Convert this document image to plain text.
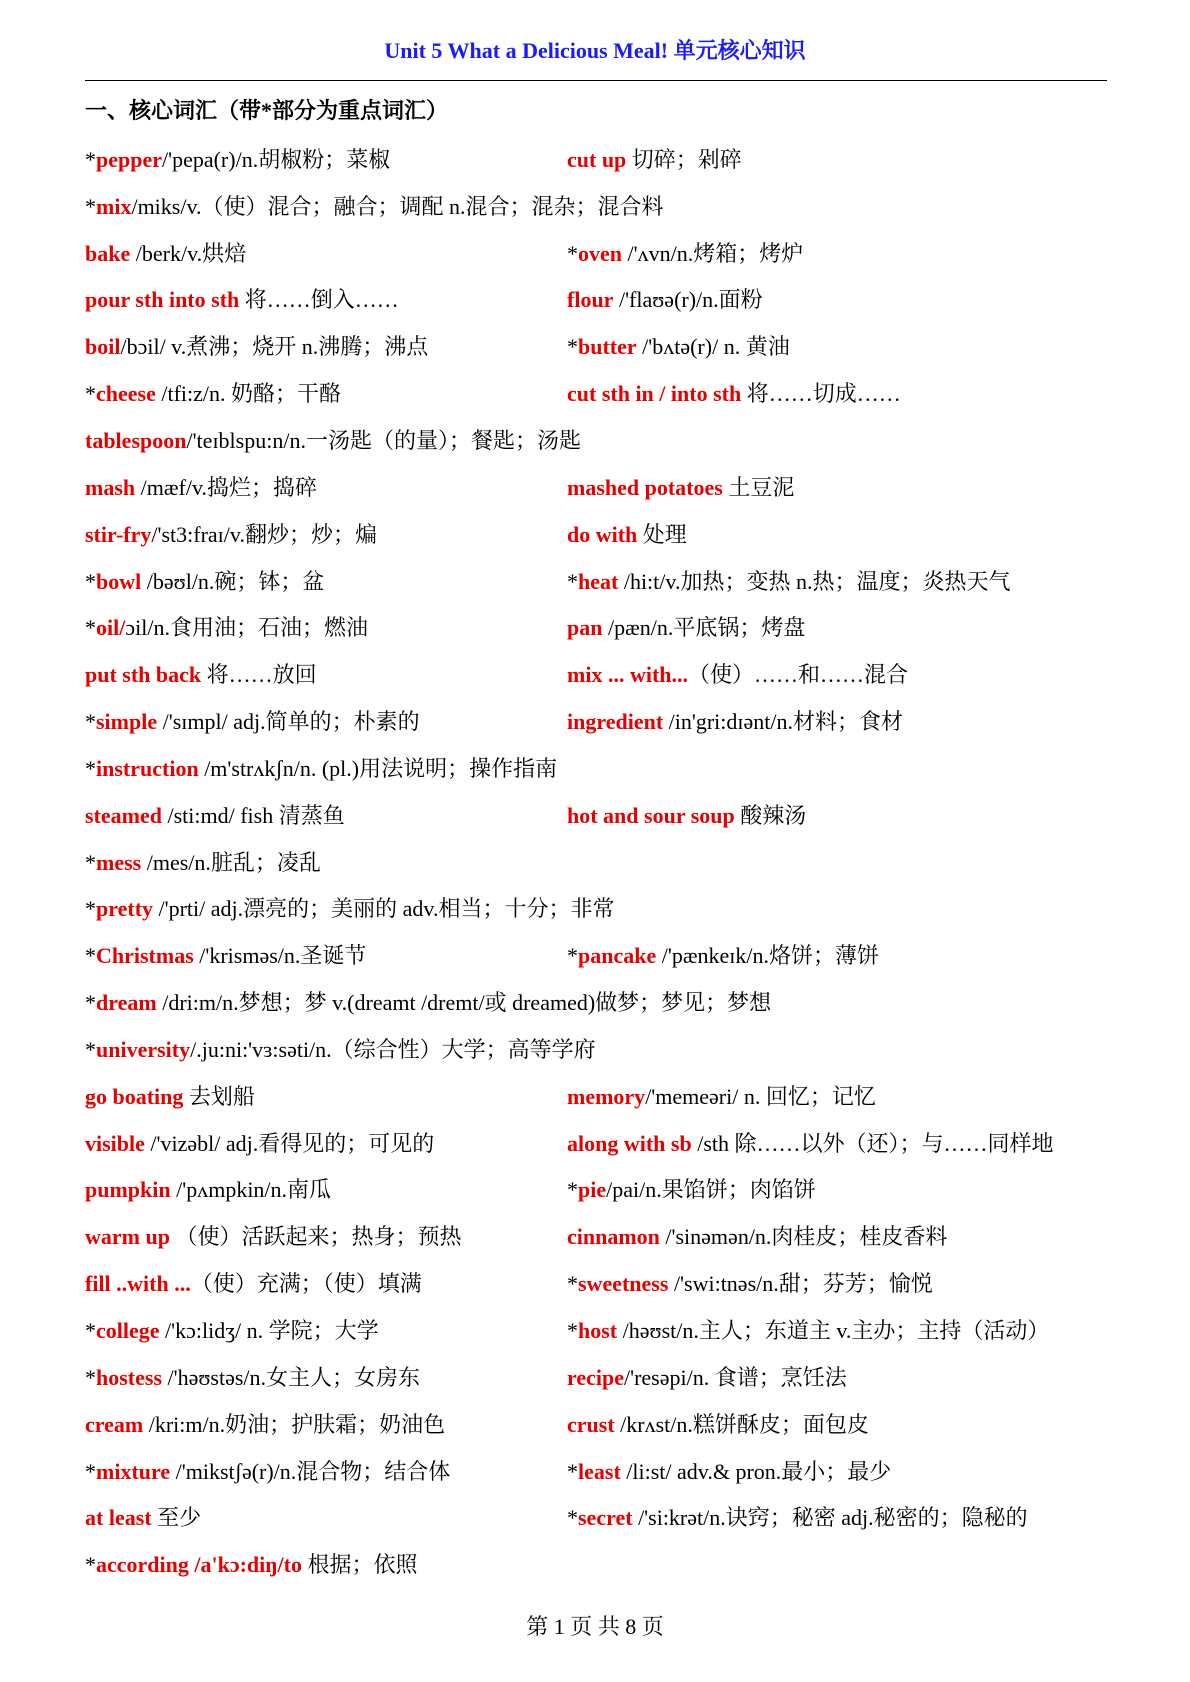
Unit 5 What a Delicious Meal! 单元核心知识
一、核心词汇（带*部分为重点词汇）
*pepper/'pepa(r)/n.胡椒粉；菜椒	cut up 切碎；剁碎
*mix/miks/v.（使）混合；融合；调配 n.混合；混杂；混合料
bake /berk/v.烘焙	*oven /'ʌvn/n.烤箱；烤炉
pour sth into sth 将……倒入……	flour /'flaʊə(r)/n.面粉
boil/bɔil/ v.煮沸；烧开 n.沸腾；沸点	*butter /'bʌtə(r)/ n. 黄油
*cheese /tfi:z/n. 奶酪；干酪	cut sth in / into sth 将……切成……
tablespoon/'teɪblspu:n/n.一汤匙（的量）；餐匙；汤匙
mash /mæf/v.捣烂；捣碎	mashed potatoes 土豆泥
stir-fry/'st3:fraɪ/v.翻炒；炒；煸	do with 处理
*bowl /bəʊl/n.碗；钵；盆	*heat /hi:t/v.加热；变热 n.热；温度；炎热天气
*oil/ɔil/n.食用油；石油；燃油	pan /pæn/n.平底锅；烤盘
put sth back 将……放回	mix ... with...（使）……和……混合
*simple /'sɪmpl/ adj.简单的；朴素的	ingredient /in'gri:dɪənt/n.材料；食材
*instruction /m'strʌkʃn/n. (pl.)用法说明；操作指南
steamed /sti:md/ fish 清蒸鱼	hot and sour soup 酸辣汤
*mess /mes/n.脏乱；凌乱
*pretty /'prti/ adj.漂亮的；美丽的 adv.相当；十分；非常
*Christmas /'krisməs/n.圣诞节	*pancake /'pænkeɪk/n.烙饼；薄饼
*dream /dri:m/n.梦想；梦 v.(dreamt /dremt/或 dreamed)做梦；梦见；梦想
*university/.ju:ni:'vɜ:səti/n.（综合性）大学；高等学府
go boating 去划船	memory/'memeəri/ n. 回忆；记忆
visible /'vizəbl/ adj.看得见的；可见的	along with sb /sth 除……以外（还）；与……同样地
pumpkin /'pʌmpkin/n.南瓜	*pie/pai/n.果馅饼；肉馅饼
warm up （使）活跃起来；热身；预热	cinnamon /'sinəmən/n.肉桂皮；桂皮香料
fill ..with ...（使）充满；（使）填满	*sweetness /'swi:tnəs/n.甜；芬芳；愉悦
*college /'kɔ:lidʒ/ n. 学院；大学	*host /həʊst/n.主人；东道主 v.主办；主持（活动）
*hostess /'həʊstəs/n.女主人；女房东	recipe/'resəpi/n. 食谱；烹饪法
cream /kri:m/n.奶油；护肤霜；奶油色	crust /krʌst/n.糕饼酥皮；面包皮
*mixture /'mikstʃə(r)/n.混合物；结合体	*least /li:st/ adv.& pron.最小；最少
at least 至少	*secret /'si:krət/n.诀窍；秘密 adj.秘密的；隐秘的
*according /a'kɔ:diŋ/to 根据；依照
第 1 页 共 8 页
